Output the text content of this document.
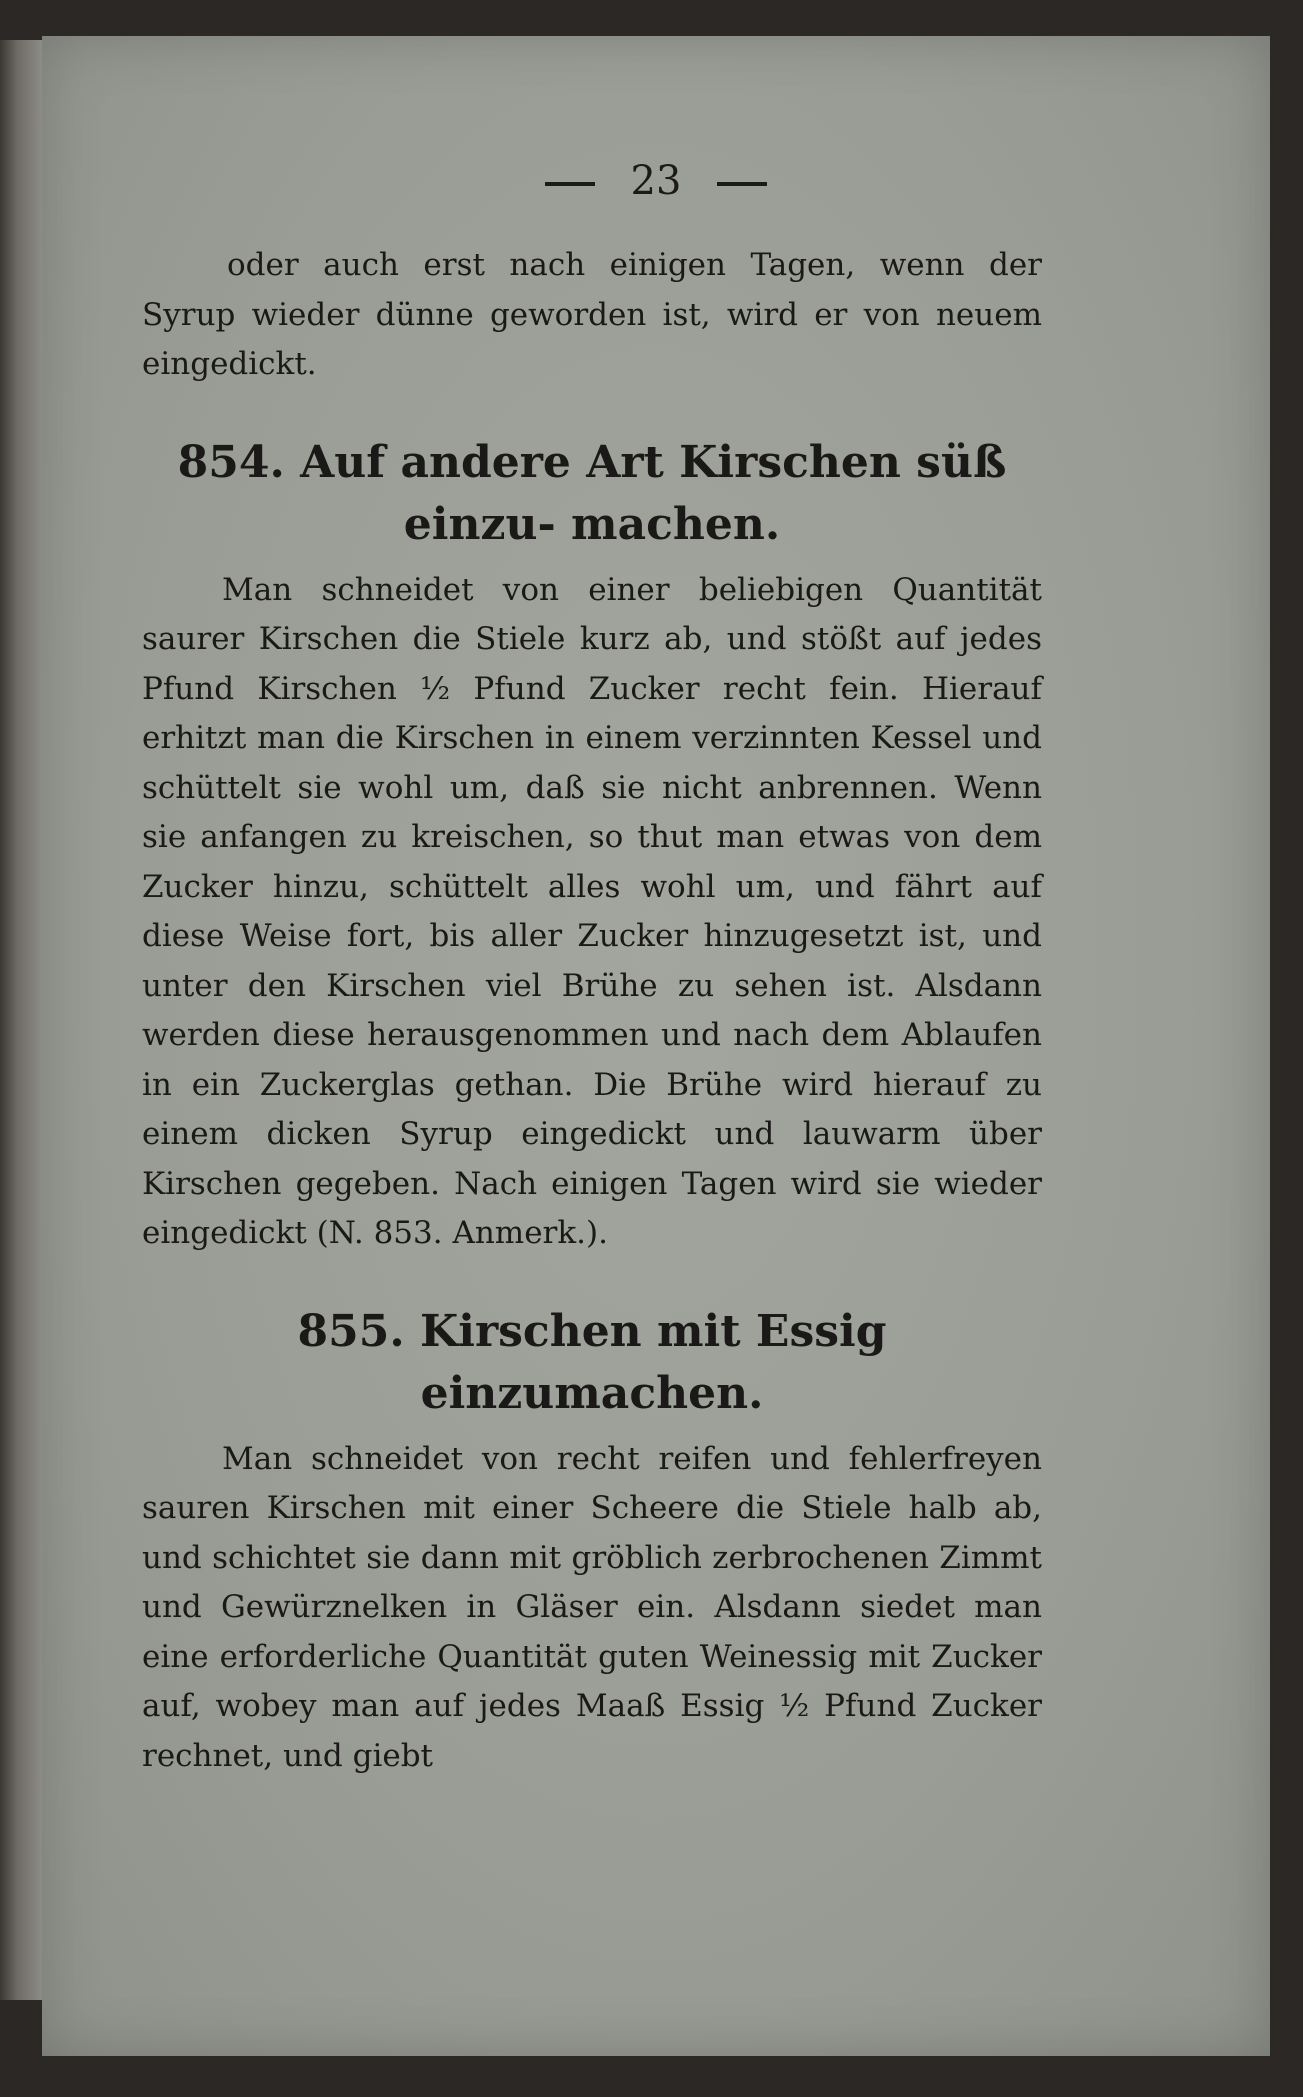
23

oder auch erst nach einigen Tagen, wenn der Syrup wieder dünne geworden ist, wird er von neuem eingedickt.

854. Auf andere Art Kirschen süß einzu- machen.

Man schneidet von einer beliebigen Quantität saurer Kirschen die Stiele kurz ab, und stößt auf jedes Pfund Kirschen ½ Pfund Zucker recht fein. Hierauf erhitzt man die Kirschen in einem verzinnten Kessel und schüttelt sie wohl um, daß sie nicht anbrennen. Wenn sie anfangen zu kreischen, so thut man etwas von dem Zucker hinzu, schüttelt alles wohl um, und fährt auf diese Weise fort, bis aller Zucker hinzugesetzt ist, und unter den Kirschen viel Brühe zu sehen ist. Alsdann werden diese herausgenommen und nach dem Ablaufen in ein Zuckerglas gethan. Die Brühe wird hierauf zu einem dicken Syrup eingedickt und lauwarm über Kirschen gegeben. Nach einigen Tagen wird sie wieder eingedickt (N. 853. Anmerk.).

855. Kirschen mit Essig einzumachen.

Man schneidet von recht reifen und fehlerfreyen sauren Kirschen mit einer Scheere die Stiele halb ab, und schichtet sie dann mit gröblich zerbrochenen Zimmt und Gewürznelken in Gläser ein. Alsdann siedet man eine erforderliche Quantität guten Weinessig mit Zucker auf, wobey man auf jedes Maaß Essig ½ Pfund Zucker rechnet, und giebt
